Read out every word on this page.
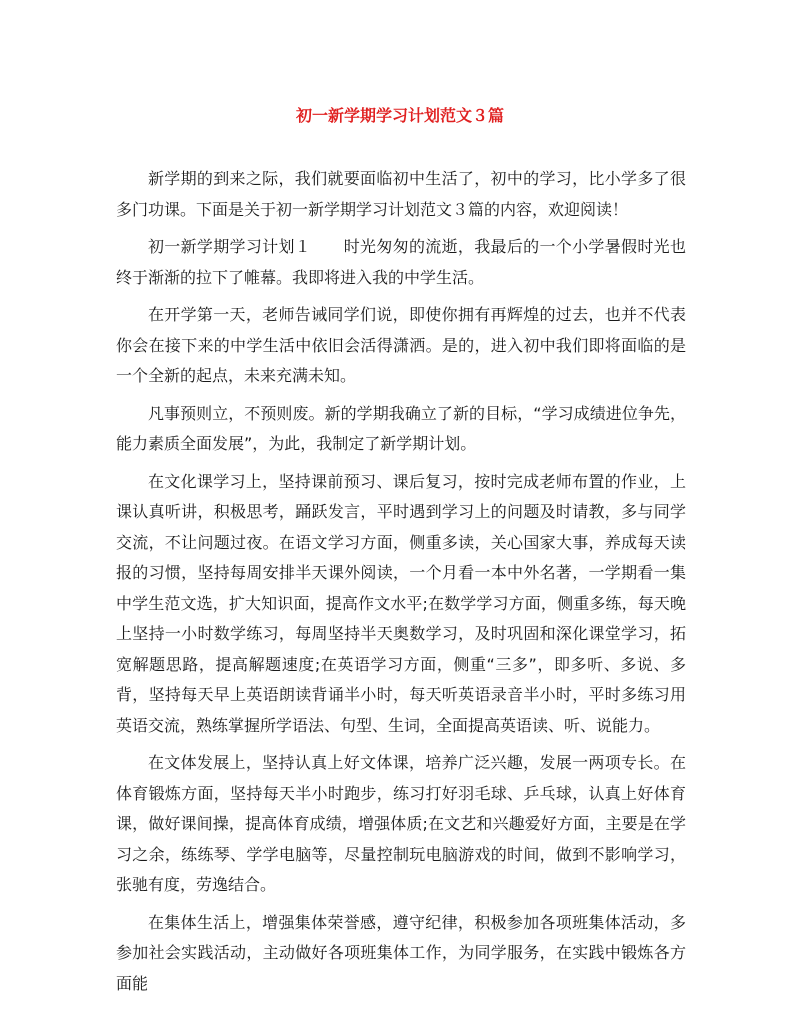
初一新学期学习计划范文３篇

新学期的到来之际，我们就要面临初中生活了，初中的学习，比小学多了很多门功课。下面是关于初一新学期学习计划范文３篇的内容，欢迎阅读！

初一新学期学习计划１　　时光匆匆的流逝，我最后的一个小学暑假时光也终于渐渐的拉下了帷幕。我即将进入我的中学生活。

在开学第一天，老师告诫同学们说，即使你拥有再辉煌的过去，也并不代表你会在接下来的中学生活中依旧会活得潇洒。是的，进入初中我们即将面临的是一个全新的起点，未来充满未知。

凡事预则立，不预则废。新的学期我确立了新的目标，“学习成绩进位争先，能力素质全面发展”，为此，我制定了新学期计划。

在文化课学习上，坚持课前预习、课后复习，按时完成老师布置的作业，上课认真听讲，积极思考，踊跃发言，平时遇到学习上的问题及时请教，多与同学交流，不让问题过夜。在语文学习方面，侧重多读，关心国家大事，养成每天读报的习惯，坚持每周安排半天课外阅读，一个月看一本中外名著，一学期看一集中学生范文选，扩大知识面，提高作文水平;在数学学习方面，侧重多练，每天晚上坚持一小时数学练习，每周坚持半天奥数学习，及时巩固和深化课堂学习，拓宽解题思路，提高解题速度;在英语学习方面，侧重“三多”，即多听、多说、多背，坚持每天早上英语朗读背诵半小时，每天听英语录音半小时，平时多练习用英语交流，熟练掌握所学语法、句型、生词，全面提高英语读、听、说能力。

在文体发展上，坚持认真上好文体课，培养广泛兴趣，发展一两项专长。在体育锻炼方面，坚持每天半小时跑步，练习打好羽毛球、乒乓球，认真上好体育课，做好课间操，提高体育成绩，增强体质;在文艺和兴趣爱好方面，主要是在学习之余，练练琴、学学电脑等，尽量控制玩电脑游戏的时间，做到不影响学习，张驰有度，劳逸结合。

在集体生活上，增强集体荣誉感，遵守纪律，积极参加各项班集体活动，多参加社会实践活动，主动做好各项班集体工作，为同学服务，在实践中锻炼各方面能
